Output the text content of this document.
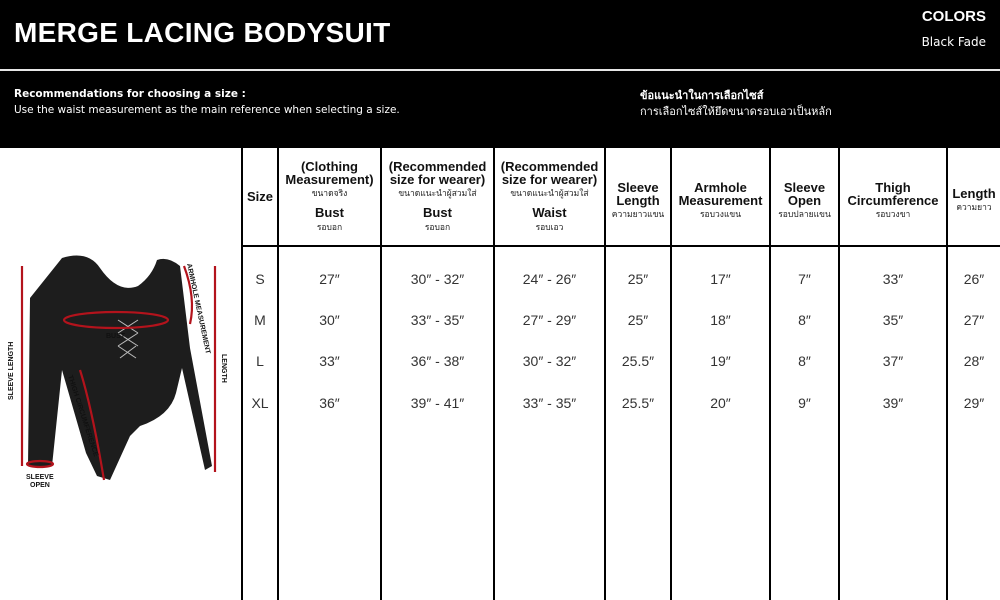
MERGE LACING BODYSUIT
COLORS
Black Fade
Recommendations for choosing a size :
Use the waist measurement as the main reference when selecting a size.
ข้อแนะนำในการเลือกไซส์
การเลือกไซส์ให้ยึดขนาดรอบเอวเป็นหลัก
BUST
SLEEVE LENGTH	LENGTH
ARMHOLE MEASUREMENT
THIGH CIRCUMFERENCE
SLEEVE
OPEN
Size
(Clothing
Measurement)
ขนาดจริง
Bust
รอบอก
(Recommended
size for wearer)
ขนาดแนะนำผู้สวมใส่
Bust
รอบอก
(Recommended
size for wearer)
ขนาดแนะนำผู้สวมใส่
Waist
รอบเอว
Sleeve
Length
ความยาวแขน
Armhole
Measurement
รอบวงแขน
Sleeve
Open
รอบปลายแขน
Thigh
Circumference
รอบวงขา
Length
ความยาว
S	27″	30″ - 32″	24″ - 26″	25″	17″	7″	33″	26″
M	30″	33″ - 35″	27″ - 29″	25″	18″	8″	35″	27″
L	33″	36″ - 38″	30″ - 32″	25.5″	19″	8″	37″	28″
XL	36″	39″ - 41″	33″ - 35″	25.5″	20″	9″	39″	29″
